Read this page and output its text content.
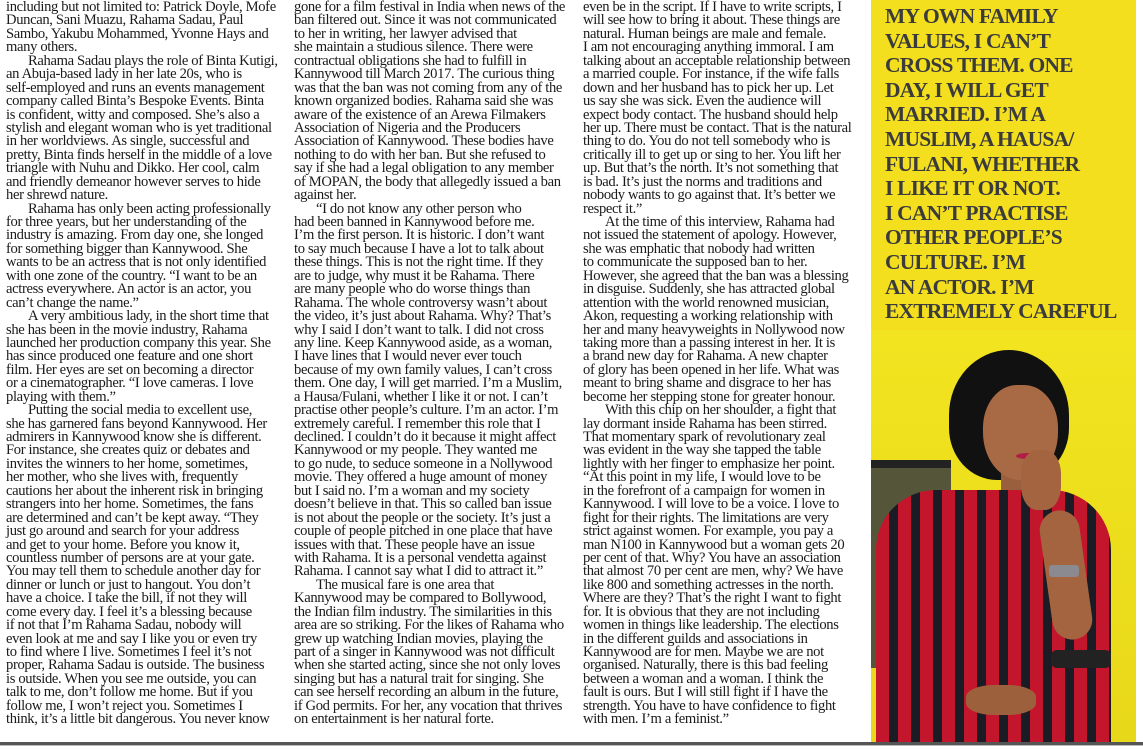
including but not limited to: Patrick Doyle, Mofe
Duncan, Sani Muazu, Rahama Sadau, Paul
Sambo, Yakubu Mohammed, Yvonne Hays and
many others.
Rahama Sadau plays the role of Binta Kutigi,
an Abuja-based lady in her late 20s, who is
self-employed and runs an events management
company called Binta’s Bespoke Events. Binta
is confident, witty and composed. She’s also a
stylish and elegant woman who is yet traditional
in her worldviews. As single, successful and
pretty, Binta finds herself in the middle of a love
triangle with Nuhu and Dikko. Her cool, calm
and friendly demeanor however serves to hide
her shrewd nature.
Rahama has only been acting professionally
for three years, but her understanding of the
industry is amazing. From day one, she longed
for something bigger than Kannywood. She
wants to be an actress that is not only identified
with one zone of the country. “I want to be an
actress everywhere. An actor is an actor, you
can’t change the name.”
A very ambitious lady, in the short time that
she has been in the movie industry, Rahama
launched her production company this year. She
has since produced one feature and one short
film. Her eyes are set on becoming a director
or a cinematographer. “I love cameras. I love
playing with them.”
Putting the social media to excellent use,
she has garnered fans beyond Kannywood. Her
admirers in Kannywood know she is different.
For instance, she creates quiz or debates and
invites the winners to her home, sometimes,
her mother, who she lives with, frequently
cautions her about the inherent risk in bringing
strangers into her home. Sometimes, the fans
are determined and can’t be kept away. “They
just go around and search for your address
and get to your home. Before you know it,
countless number of persons are at your gate.
You may tell them to schedule another day for
dinner or lunch or just to hangout. You don’t
have a choice. I take the bill, if not they will
come every day. I feel it’s a blessing because
if not that I’m Rahama Sadau, nobody will
even look at me and say I like you or even try
to find where I live. Sometimes I feel it’s not
proper, Rahama Sadau is outside. The business
is outside. When you see me outside, you can
talk to me, don’t follow me home. But if you
follow me, I won’t reject you. Sometimes I
think, it’s a little bit dangerous. You never know
gone for a film festival in India when news of the
ban filtered out. Since it was not communicated
to her in writing, her lawyer advised that
she maintain a studious silence. There were
contractual obligations she had to fulfill in
Kannywood till March 2017. The curious thing
was that the ban was not coming from any of the
known organized bodies. Rahama said she was
aware of the existence of an Arewa Filmakers
Association of Nigeria and the Producers
Association of Kannywood. These bodies have
nothing to do with her ban. But she refused to
say if she had a legal obligation to any member
of MOPAN, the body that allegedly issued a ban
against her.
“I do not know any other person who
had been banned in Kannywood before me.
I’m the first person. It is historic. I don’t want
to say much because I have a lot to talk about
these things. This is not the right time. If they
are to judge, why must it be Rahama. There
are many people who do worse things than
Rahama. The whole controversy wasn’t about
the video, it’s just about Rahama. Why? That’s
why I said I don’t want to talk. I did not cross
any line. Keep Kannywood aside, as a woman,
I have lines that I would never ever touch
because of my own family values, I can’t cross
them. One day, I will get married. I’m a Muslim,
a Hausa/Fulani, whether I like it or not. I can’t
practise other people’s culture. I’m an actor. I’m
extremely careful. I remember this role that I
declined. I couldn’t do it because it might affect
Kannywood or my people. They wanted me
to go nude, to seduce someone in a Nollywood
movie. They offered a huge amount of money
but I said no. I’m a woman and my society
doesn’t believe in that. This so called ban issue
is not about the people or the society. It’s just a
couple of people pitched in one place that have
issues with that. These people have an issue
with Rahama. It is a personal vendetta against
Rahama. I cannot say what I did to attract it.”
The musical fare is one area that
Kannywood may be compared to Bollywood,
the Indian film industry. The similarities in this
area are so striking. For the likes of Rahama who
grew up watching Indian movies, playing the
part of a singer in Kannywood was not difficult
when she started acting, since she not only loves
singing but has a natural trait for singing. She
can see herself recording an album in the future,
if God permits. For her, any vocation that thrives
on entertainment is her natural forte.
even be in the script. If I have to write scripts, I
will see how to bring it about. These things are
natural. Human beings are male and female.
I am not encouraging anything immoral. I am
talking about an acceptable relationship between
a married couple. For instance, if the wife falls
down and her husband has to pick her up. Let
us say she was sick. Even the audience will
expect body contact. The husband should help
her up. There must be contact. That is the natural
thing to do. You do not tell somebody who is
critically ill to get up or sing to her. You lift her
up. But that’s the north. It’s not something that
is bad. It’s just the norms and traditions and
nobody wants to go against that. It’s better we
respect it.”
At the time of this interview, Rahama had
not issued the statement of apology. However,
she was emphatic that nobody had written
to communicate the supposed ban to her.
However, she agreed that the ban was a blessing
in disguise. Suddenly, she has attracted global
attention with the world renowned musician,
Akon, requesting a working relationship with
her and many heavyweights in Nollywood now
taking more than a passing interest in her. It is
a brand new day for Rahama. A new chapter
of glory has been opened in her life. What was
meant to bring shame and disgrace to her has
become her stepping stone for greater honour.
With this chip on her shoulder, a fight that
lay dormant inside Rahama has been stirred.
That momentary spark of revolutionary zeal
was evident in the way she tapped the table
lightly with her finger to emphasize her point.
“At this point in my life, I would love to be
in the forefront of a campaign for women in
Kannywood. I will love to be a voice. I love to
fight for their rights. The limitations are very
strict against women. For example, you pay a
man N100 in Kannywood but a woman gets 20
per cent of that. Why? You have an association
that almost 70 per cent are men, why? We have
like 800 and something actresses in the north.
Where are they? That’s the right I want to fight
for. It is obvious that they are not including
women in things like leadership. The elections
in the different guilds and associations in
Kannywood are for men. Maybe we are not
organised. Naturally, there is this bad feeling
between a woman and a woman. I think the
fault is ours. But I will still fight if I have the
strength. You have to have confidence to fight
with men. I’m a feminist.”
MY OWN FAMILY
VALUES, I CAN’T
CROSS THEM. ONE
DAY, I WILL GET
MARRIED. I’M A
MUSLIM, A HAUSA/
FULANI, WHETHER
I LIKE IT OR NOT.
I CAN’T PRACTISE
OTHER PEOPLE’S
CULTURE. I’M
AN ACTOR. I’M
EXTREMELY CAREFUL
